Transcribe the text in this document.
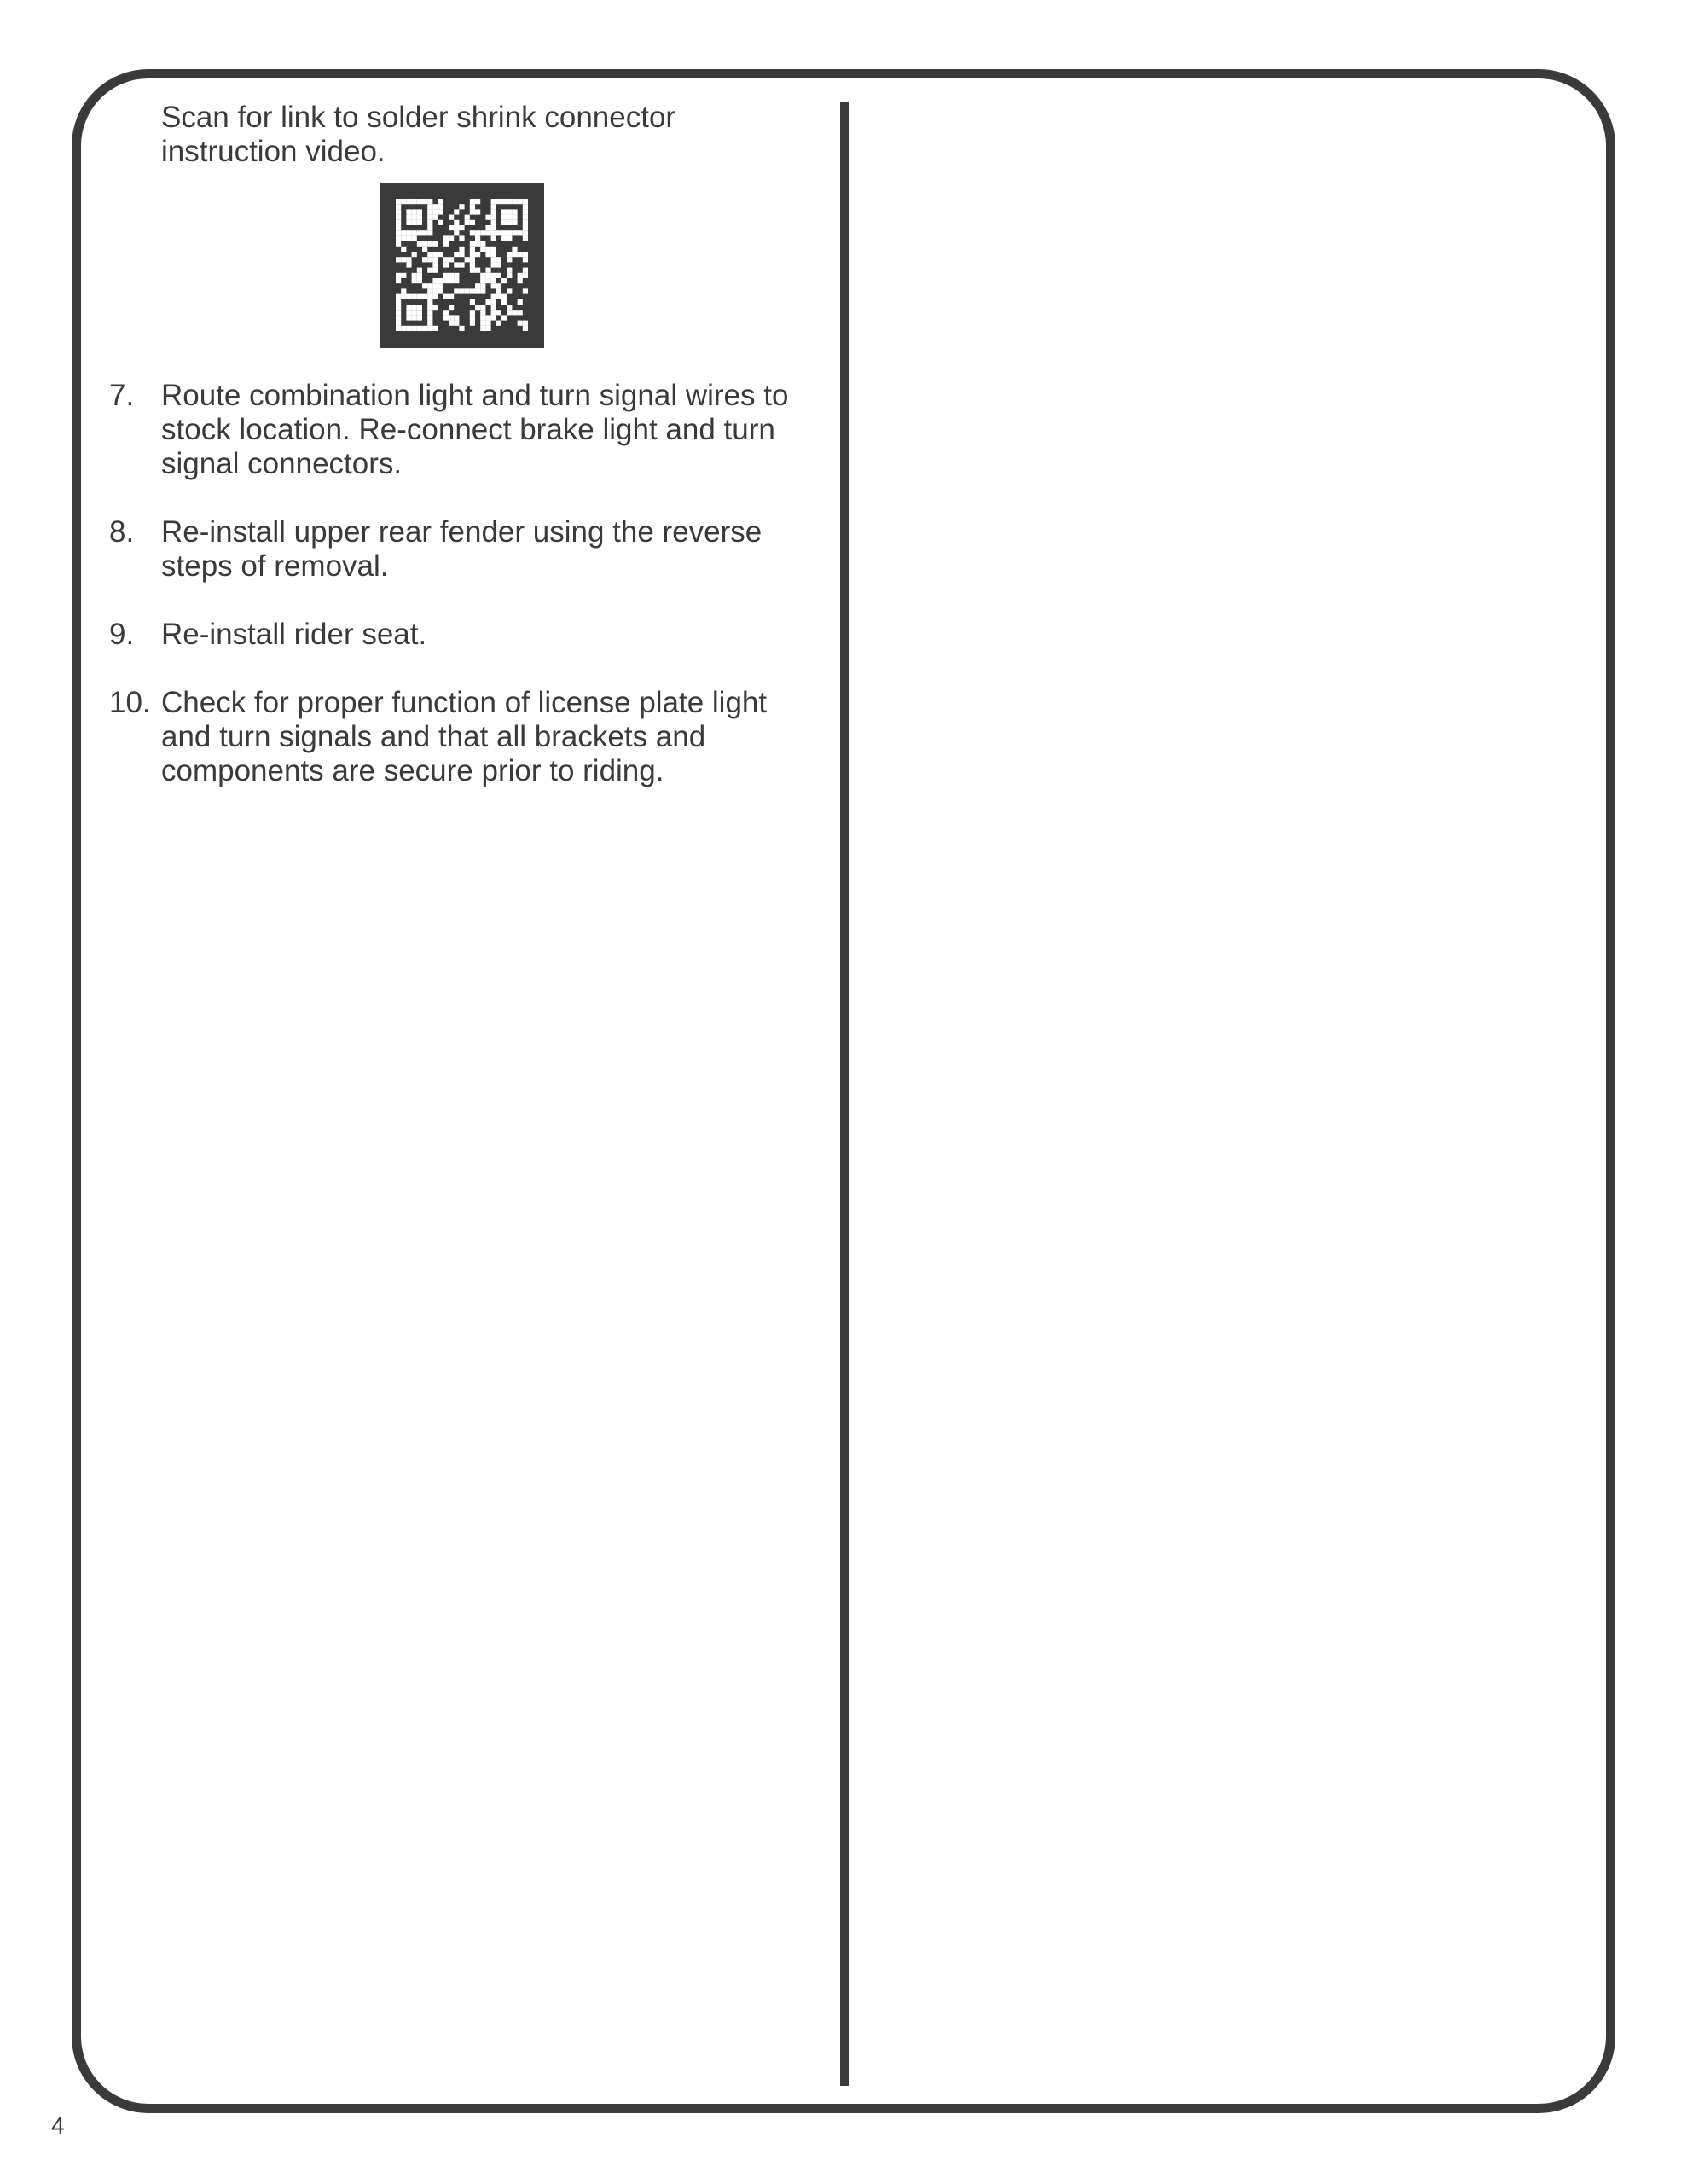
Scan for link to solder shrink connector instruction video.
7. Route combination light and turn signal wires to stock location. Re-connect brake light and turn signal connectors.
8. Re-install upper rear fender using the reverse steps of removal.
9. Re-install rider seat.
10. Check for proper function of license plate light and turn signals and that all brackets and components are secure prior to riding.
4
